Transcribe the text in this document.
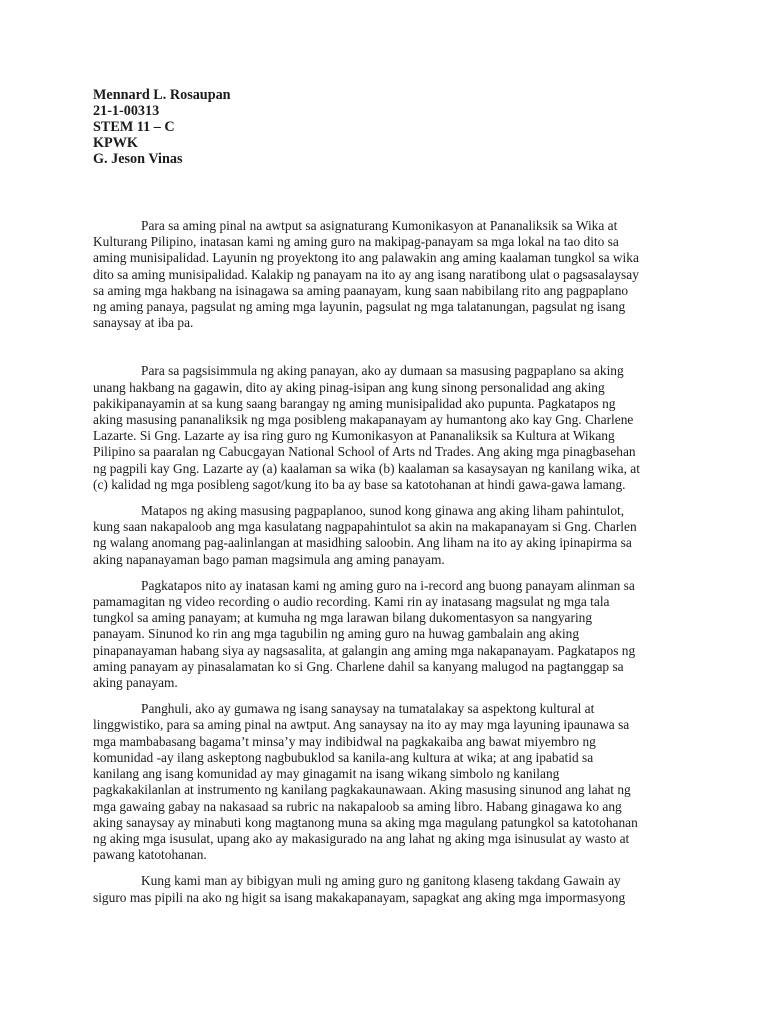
Mennard L. Rosaupan
21-1-00313
STEM 11 – C
KPWK
G. Jeson Vinas

Para sa aming pinal na awtput sa asignaturang Kumonikasyon at Pananaliksik sa Wika at
Kulturang Pilipino, inatasan kami ng aming guro na makipag-panayam sa mga lokal na tao dito sa
aming munisipalidad. Layunin ng proyektong ito ang palawakin ang aming kaalaman tungkol sa wika
dito sa aming munisipalidad. Kalakip ng panayam na ito ay ang isang naratibong ulat o pagsasalaysay
sa aming mga hakbang na isinagawa sa aming paanayam, kung saan nabibilang rito ang pagpaplano
ng aming panaya, pagsulat ng aming mga layunin, pagsulat ng mga talatanungan, pagsulat ng isang
sanaysay at iba pa.

Para sa pagsisimmula ng aking panayan, ako ay dumaan sa masusing pagpaplano sa aking
unang hakbang na gagawin, dito ay aking pinag-isipan ang kung sinong personalidad ang aking
pakikipanayamin at sa kung saang barangay ng aming munisipalidad ako pupunta. Pagkatapos ng
aking masusing pananaliksik ng mga posibleng makapanayam ay humantong ako kay Gng. Charlene
Lazarte. Si Gng. Lazarte ay isa ring guro ng Kumonikasyon at Pananaliksik sa Kultura at Wikang
Pilipino sa paaralan ng Cabucgayan National School of Arts nd Trades. Ang aking mga pinagbasehan
ng pagpili kay Gng. Lazarte ay (a) kaalaman sa wika (b) kaalaman sa kasaysayan ng kanilang wika, at
(c) kalidad ng mga posibleng sagot/kung ito ba ay base sa katotohanan at hindi gawa-gawa lamang.

Matapos ng aking masusing pagpaplanoo, sunod kong ginawa ang aking liham pahintulot,
kung saan nakapaloob ang mga kasulatang nagpapahintulot sa akin na makapanayam si Gng. Charlen
ng walang anomang pag-aalinlangan at masidhing saloobin. Ang liham na ito ay aking ipinapirma sa
aking napanayaman bago paman magsimula ang aming panayam.

Pagkatapos nito ay inatasan kami ng aming guro na i-record ang buong panayam alinman sa
pamamagitan ng video recording o audio recording. Kami rin ay inatasang magsulat ng mga tala
tungkol sa aming panayam; at kumuha ng mga larawan bilang dukomentasyon sa nangyaring
panayam. Sinunod ko rin ang mga tagubilin ng aming guro na huwag gambalain ang aking
pinapanayaman habang siya ay nagsasalita, at galangin ang aming mga nakapanayam. Pagkatapos ng
aming panayam ay pinasalamatan ko si Gng. Charlene dahil sa kanyang malugod na pagtanggap sa
aking panayam.

Panghuli, ako ay gumawa ng isang sanaysay na tumatalakay sa aspektong kultural at
linggwistiko, para sa aming pinal na awtput. Ang sanaysay na ito ay may mga layuning ipaunawa sa
mga mambabasang bagama’t minsa’y may indibidwal na pagkakaiba ang bawat miyembro ng
komunidad -ay ilang askeptong nagbubuklod sa kanila-ang kultura at wika; at ang ipabatid sa
kanilang ang isang komunidad ay may ginagamit na isang wikang simbolo ng kanilang
pagkakakilanlan at instrumento ng kanilang pagkakaunawaan. Aking masusing sinunod ang lahat ng
mga gawaing gabay na nakasaad sa rubric na nakapaloob sa aming libro. Habang ginagawa ko ang
aking sanaysay ay minabuti kong magtanong muna sa aking mga magulang patungkol sa katotohanan
ng aking mga isusulat, upang ako ay makasigurado na ang lahat ng aking mga isinusulat ay wasto at
pawang katotohanan.

Kung kami man ay bibigyan muli ng aming guro ng ganitong klaseng takdang Gawain ay
siguro mas pipili na ako ng higit sa isang makakapanayam, sapagkat ang aking mga impormasyong
